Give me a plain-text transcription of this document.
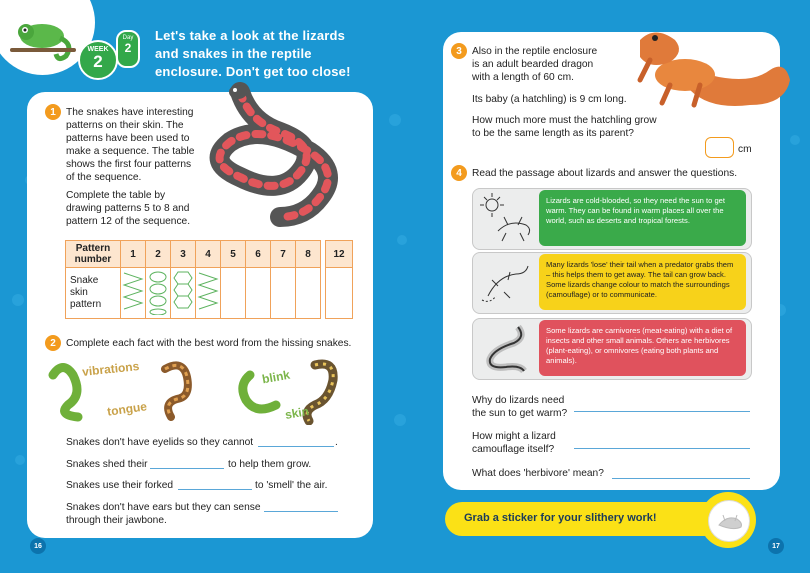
WEEK
2
Day
2
Let's take a look at the lizards
and snakes in the reptile
enclosure. Don't get too close!
1	The snakes have interesting
patterns on their skin. The
patterns have been used to
make a sequence. The table
shows the first four patterns
of the sequence.
Complete the table by
drawing patterns 5 to 8 and
pattern 12 of the sequence.
Pattern
number	1	2	3	4	5	6	7	8		12

Snake
skin
pattern

2	Complete each fact with the best word from the hissing snakes.
vibrations
tongue
blink
skin
Snakes don't have eyelids so they cannot	.
Snakes shed their	to help them grow.
Snakes use their forked	to 'smell' the air.
Snakes don't have ears but they can sense
through their jawbone.
16
3	Also in the reptile enclosure
is an adult bearded dragon
with a length of 60 cm.
Its baby (a hatchling) is 9 cm long.
How much more must the hatchling grow
to be the same length as its parent?
cm
4	Read the passage about lizards and answer the questions.
Lizards are cold-blooded, so they need the sun to get warm. They can be found in warm places all over the world, such as deserts and tropical forests.
Many lizards 'lose' their tail when a predator grabs them – this helps them to get away. The tail can grow back. Some lizards change colour to match the surroundings (camouflage) or to communicate.
Some lizards are carnivores (meat-eating) with a diet of insects and other small animals. Others are herbivores (plant-eating), or omnivores (eating both plants and animals).
Why do lizards need
the sun to get warm?
How might a lizard
camouflage itself?
What does 'herbivore' mean?
Grab a sticker for your slithery work!
17
